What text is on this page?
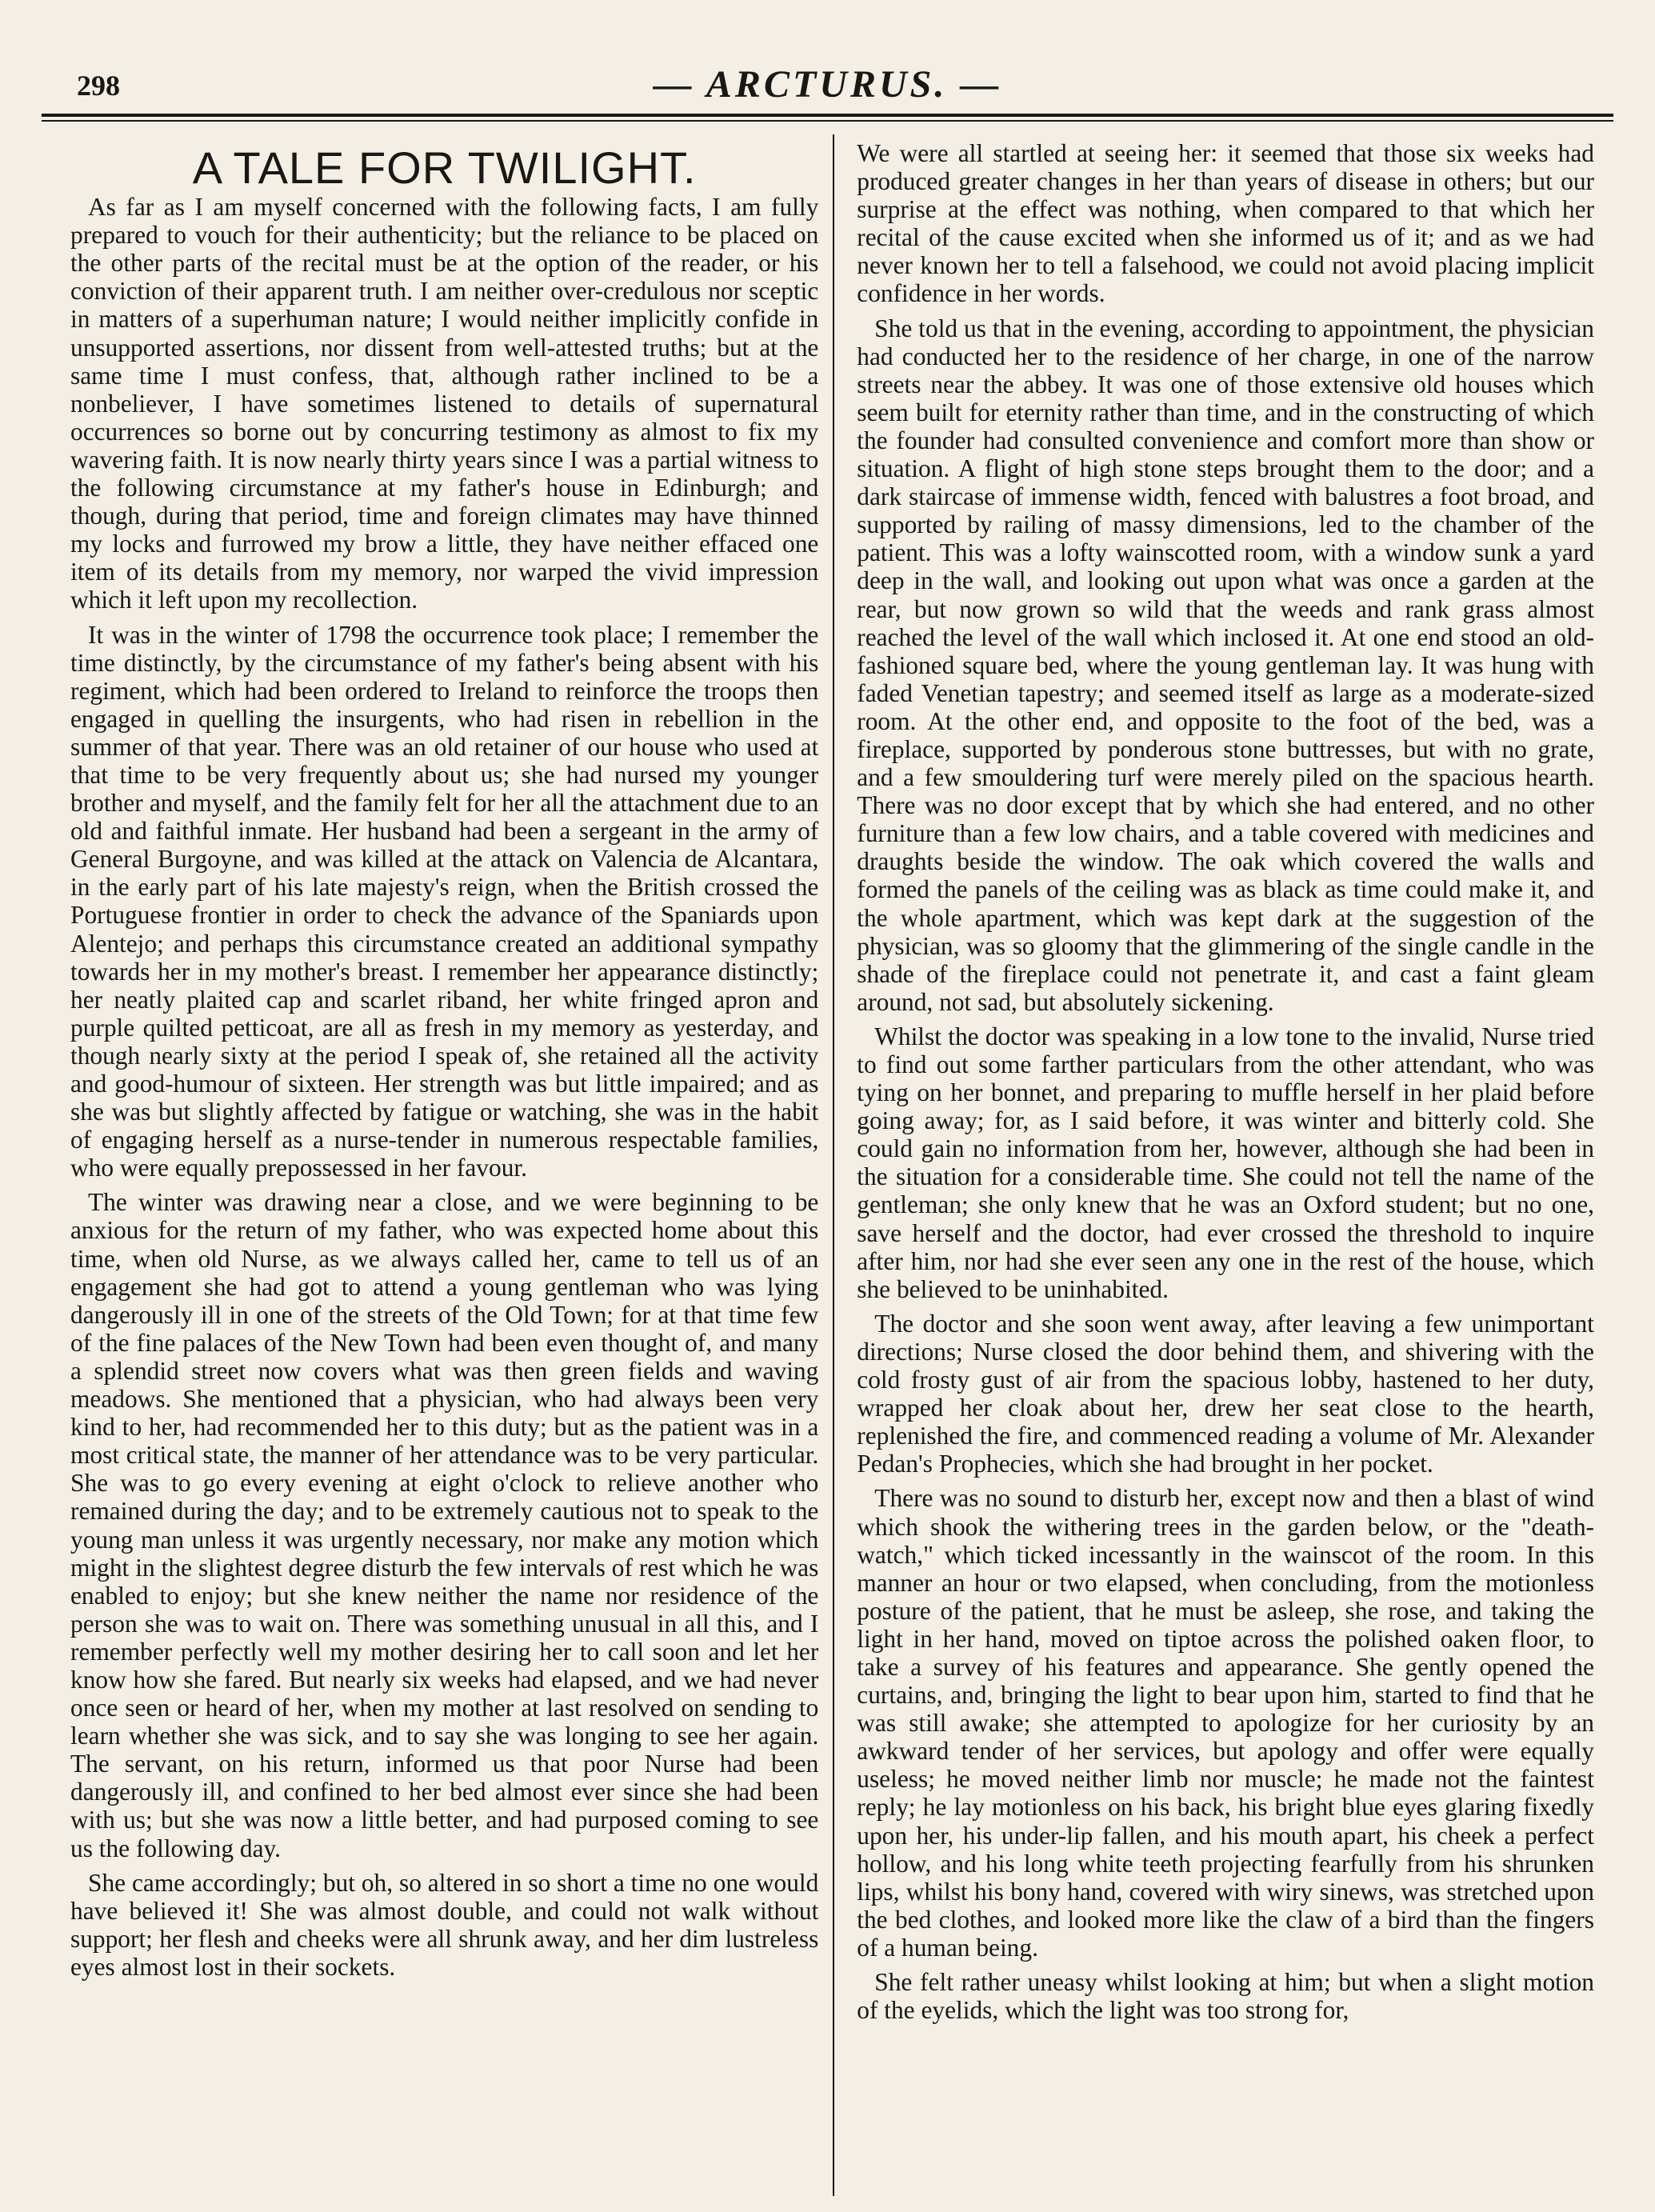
298	— ARCTURUS. —
A TALE FOR TWILIGHT.

As far as I am myself concerned with the following facts, I am fully prepared to vouch for their authenticity; but the reliance to be placed on the other parts of the recital must be at the option of the reader, or his conviction of their apparent truth. I am neither over-credulous nor sceptic in matters of a superhuman nature; I would neither implicitly confide in unsupported assertions, nor dissent from well-attested truths; but at the same time I must confess, that, although rather inclined to be a nonbeliever, I have sometimes listened to details of supernatural occurrences so borne out by concurring testimony as almost to fix my wavering faith. It is now nearly thirty years since I was a partial witness to the following circumstance at my father's house in Edinburgh; and though, during that period, time and foreign climates may have thinned my locks and furrowed my brow a little, they have neither effaced one item of its details from my memory, nor warped the vivid impression which it left upon my recollection.

It was in the winter of 1798 the occurrence took place; I remember the time distinctly, by the circumstance of my father's being absent with his regiment, which had been ordered to Ireland to reinforce the troops then engaged in quelling the insurgents, who had risen in rebellion in the summer of that year. There was an old retainer of our house who used at that time to be very frequently about us; she had nursed my younger brother and myself, and the family felt for her all the attachment due to an old and faithful inmate. Her husband had been a sergeant in the army of General Burgoyne, and was killed at the attack on Valencia de Alcantara, in the early part of his late majesty's reign, when the British crossed the Portuguese frontier in order to check the advance of the Spaniards upon Alentejo; and perhaps this circumstance created an additional sympathy towards her in my mother's breast. I remember her appearance distinctly; her neatly plaited cap and scarlet riband, her white fringed apron and purple quilted petticoat, are all as fresh in my memory as yesterday, and though nearly sixty at the period I speak of, she retained all the activity and good-humour of sixteen. Her strength was but little impaired; and as she was but slightly affected by fatigue or watching, she was in the habit of engaging herself as a nurse-tender in numerous respectable families, who were equally prepossessed in her favour.

The winter was drawing near a close, and we were beginning to be anxious for the return of my father, who was expected home about this time, when old Nurse, as we always called her, came to tell us of an engagement she had got to attend a young gentleman who was lying dangerously ill in one of the streets of the Old Town; for at that time few of the fine palaces of the New Town had been even thought of, and many a splendid street now covers what was then green fields and waving meadows. She mentioned that a physician, who had always been very kind to her, had recommended her to this duty; but as the patient was in a most critical state, the manner of her attendance was to be very particular. She was to go every evening at eight o'clock to relieve another who remained during the day; and to be extremely cautious not to speak to the young man unless it was urgently necessary, nor make any motion which might in the slightest degree disturb the few intervals of rest which he was enabled to enjoy; but she knew neither the name nor residence of the person she was to wait on. There was something unusual in all this, and I remember perfectly well my mother desiring her to call soon and let her know how she fared. But nearly six weeks had elapsed, and we had never once seen or heard of her, when my mother at last resolved on sending to learn whether she was sick, and to say she was longing to see her again. The servant, on his return, informed us that poor Nurse had been dangerously ill, and confined to her bed almost ever since she had been with us; but she was now a little better, and had purposed coming to see us the following day.

She came accordingly; but oh, so altered in so short a time no one would have believed it! She was almost double, and could not walk without support; her flesh and cheeks were all shrunk away, and her dim lustreless eyes almost lost in their sockets.

We were all startled at seeing her: it seemed that those six weeks had produced greater changes in her than years of disease in others; but our surprise at the effect was nothing, when compared to that which her recital of the cause excited when she informed us of it; and as we had never known her to tell a falsehood, we could not avoid placing implicit confidence in her words.

She told us that in the evening, according to appointment, the physician had conducted her to the residence of her charge, in one of the narrow streets near the abbey. It was one of those extensive old houses which seem built for eternity rather than time, and in the constructing of which the founder had consulted convenience and comfort more than show or situation. A flight of high stone steps brought them to the door; and a dark staircase of immense width, fenced with balustres a foot broad, and supported by railing of massy dimensions, led to the chamber of the patient. This was a lofty wainscotted room, with a window sunk a yard deep in the wall, and looking out upon what was once a garden at the rear, but now grown so wild that the weeds and rank grass almost reached the level of the wall which inclosed it. At one end stood an old-fashioned square bed, where the young gentleman lay. It was hung with faded Venetian tapestry; and seemed itself as large as a moderate-sized room. At the other end, and opposite to the foot of the bed, was a fireplace, supported by ponderous stone buttresses, but with no grate, and a few smouldering turf were merely piled on the spacious hearth. There was no door except that by which she had entered, and no other furniture than a few low chairs, and a table covered with medicines and draughts beside the window. The oak which covered the walls and formed the panels of the ceiling was as black as time could make it, and the whole apartment, which was kept dark at the suggestion of the physician, was so gloomy that the glimmering of the single candle in the shade of the fireplace could not penetrate it, and cast a faint gleam around, not sad, but absolutely sickening.

Whilst the doctor was speaking in a low tone to the invalid, Nurse tried to find out some farther particulars from the other attendant, who was tying on her bonnet, and preparing to muffle herself in her plaid before going away; for, as I said before, it was winter and bitterly cold. She could gain no information from her, however, although she had been in the situation for a considerable time. She could not tell the name of the gentleman; she only knew that he was an Oxford student; but no one, save herself and the doctor, had ever crossed the threshold to inquire after him, nor had she ever seen any one in the rest of the house, which she believed to be uninhabited.

The doctor and she soon went away, after leaving a few unimportant directions; Nurse closed the door behind them, and shivering with the cold frosty gust of air from the spacious lobby, hastened to her duty, wrapped her cloak about her, drew her seat close to the hearth, replenished the fire, and commenced reading a volume of Mr. Alexander Pedan's Prophecies, which she had brought in her pocket.

There was no sound to disturb her, except now and then a blast of wind which shook the withering trees in the garden below, or the "death-watch," which ticked incessantly in the wainscot of the room. In this manner an hour or two elapsed, when concluding, from the motionless posture of the patient, that he must be asleep, she rose, and taking the light in her hand, moved on tiptoe across the polished oaken floor, to take a survey of his features and appearance. She gently opened the curtains, and, bringing the light to bear upon him, started to find that he was still awake; she attempted to apologize for her curiosity by an awkward tender of her services, but apology and offer were equally useless; he moved neither limb nor muscle; he made not the faintest reply; he lay motionless on his back, his bright blue eyes glaring fixedly upon her, his under-lip fallen, and his mouth apart, his cheek a perfect hollow, and his long white teeth projecting fearfully from his shrunken lips, whilst his bony hand, covered with wiry sinews, was stretched upon the bed clothes, and looked more like the claw of a bird than the fingers of a human being.

She felt rather uneasy whilst looking at him; but when a slight motion of the eyelids, which the light was too strong for,
